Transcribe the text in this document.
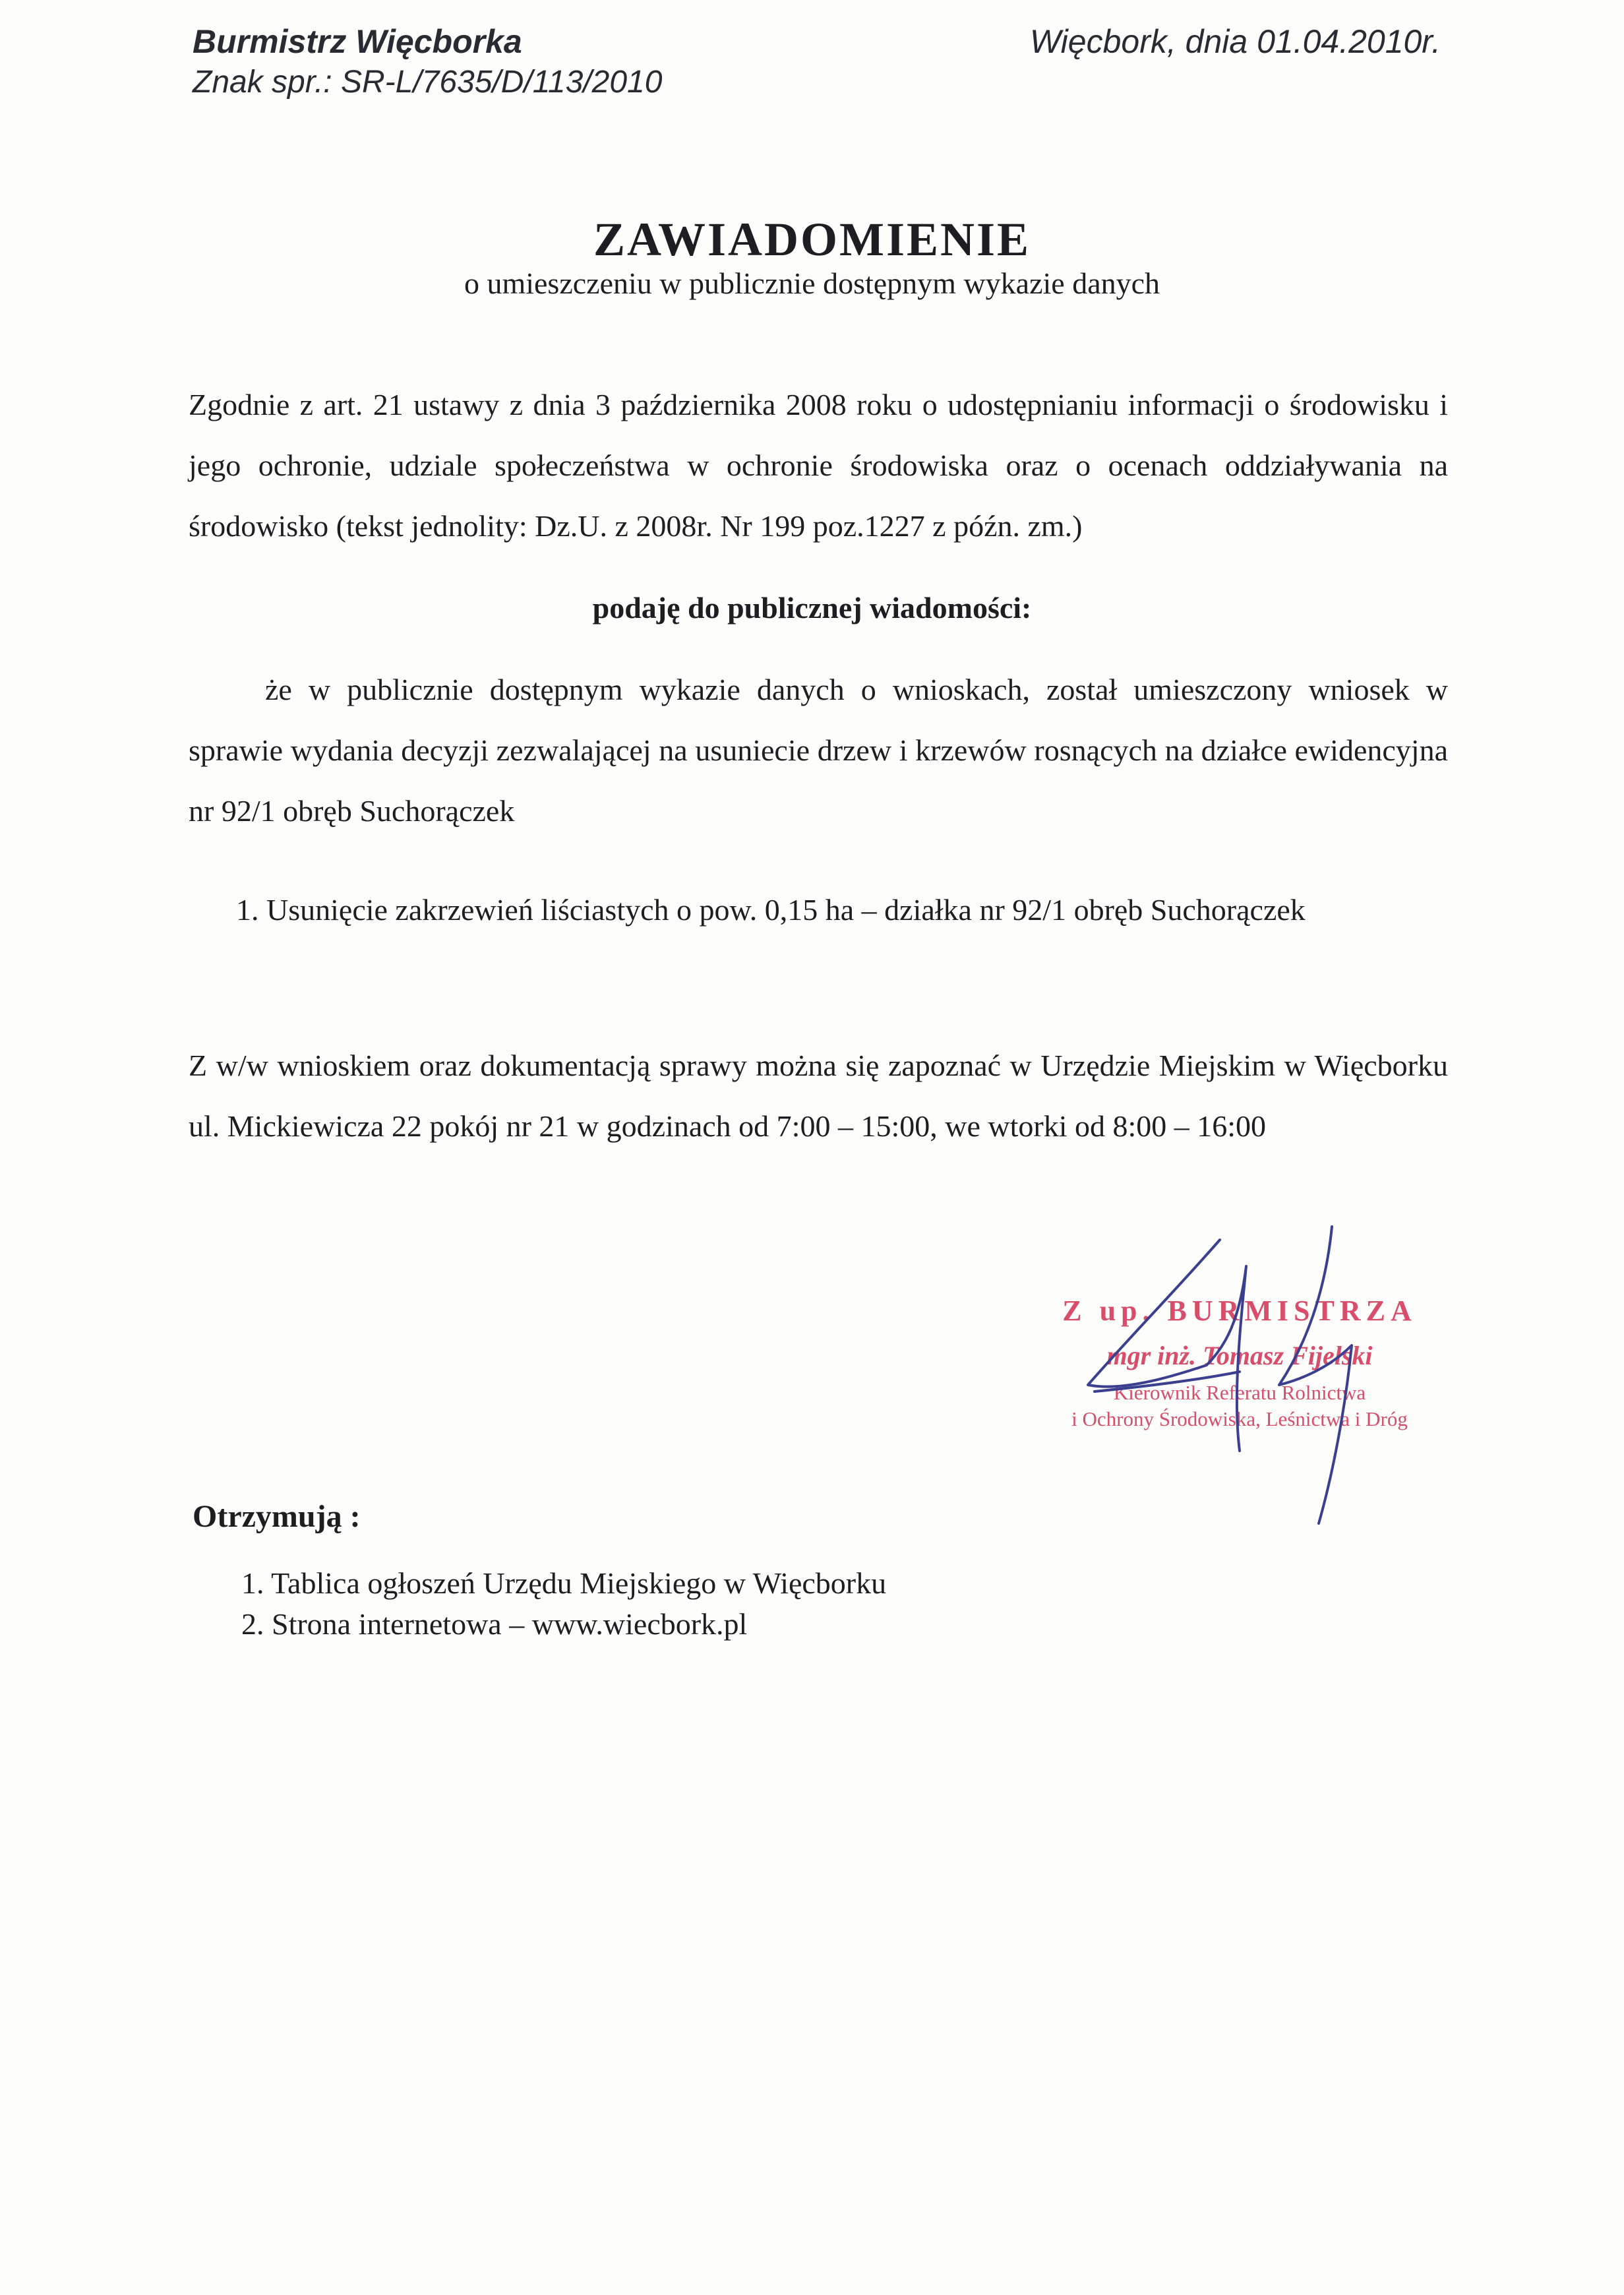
Burmistrz Więcborka
Znak spr.: SR-L/7635/D/113/2010
Więcbork, dnia 01.04.2010r.
ZAWIADOMIENIE
o umieszczeniu w publicznie dostępnym wykazie danych
Zgodnie z art. 21 ustawy z dnia 3 października 2008 roku o udostępnianiu informacji o środowisku i jego ochronie, udziale społeczeństwa w ochronie środowiska oraz o ocenach oddziaływania na środowisko (tekst jednolity: Dz.U. z 2008r. Nr 199 poz.1227 z późn. zm.)
podaję do publicznej wiadomości:
że w publicznie dostępnym wykazie danych o wnioskach, został umieszczony wniosek w sprawie wydania decyzji zezwalającej na usuniecie drzew i krzewów rosnących na działce ewidencyjna nr 92/1 obręb Suchorączek
1. Usunięcie zakrzewień liściastych o pow. 0,15 ha – działka nr 92/1 obręb Suchorączek
Z w/w wnioskiem oraz dokumentacją sprawy można się zapoznać w Urzędzie Miejskim w Więcborku ul. Mickiewicza 22 pokój nr 21 w godzinach od 7:00 – 15:00, we wtorki od 8:00 – 16:00
Z up. BURMISTRZA
mgr inż. Tomasz Fijelski
Kierownik Referatu Rolnictwa
i Ochrony Środowiska, Leśnictwa i Dróg
Otrzymują :
1. Tablica ogłoszeń Urzędu Miejskiego w Więcborku
2. Strona internetowa – www.wiecbork.pl
